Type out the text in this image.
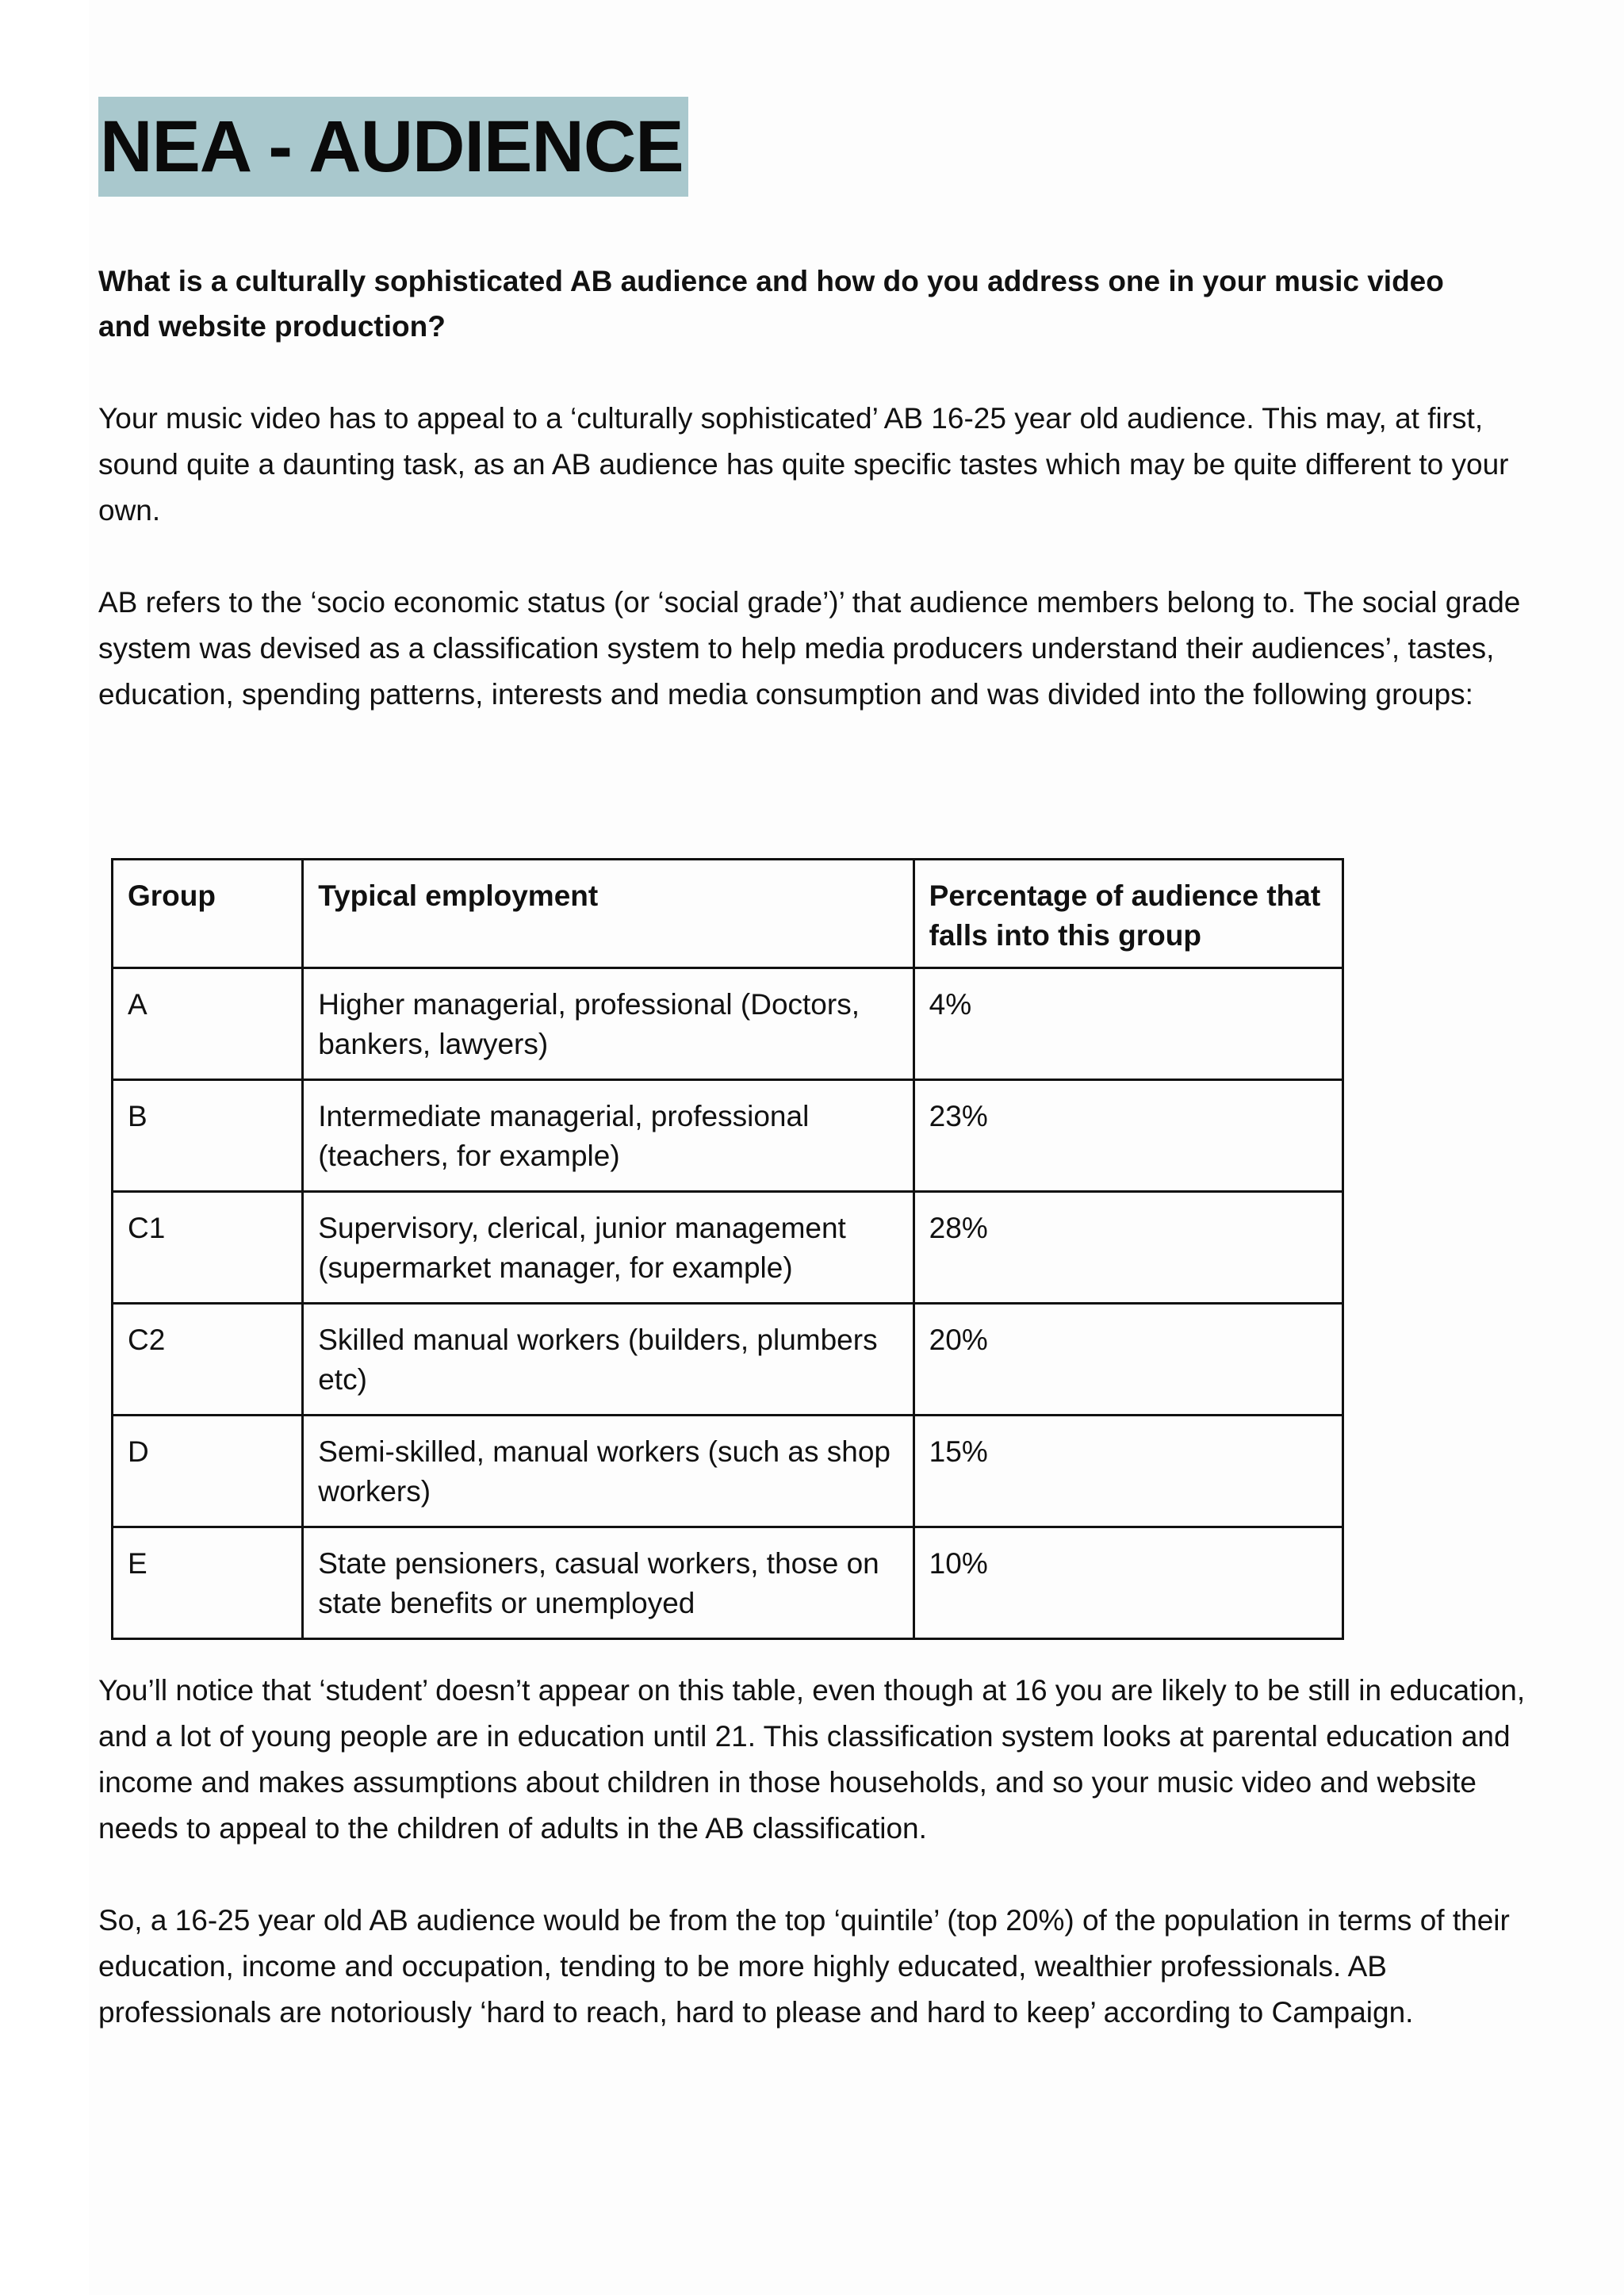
NEA - AUDIENCE
What is a culturally sophisticated AB audience and how do you address one in your music video and website production?
Your music video has to appeal to a ‘culturally sophisticated’ AB 16-25 year old audience. This may, at first, sound quite a daunting task, as an AB audience has quite specific tastes which may be quite different to your own.
AB refers to the ‘socio economic status (or ‘social grade’)’ that audience members belong to. The social grade system was devised as a classification system to help media producers understand their audiences’, tastes, education, spending patterns, interests and media consumption and was divided into the following groups:
Group	Typical employment	Percentage of audience that falls into this group
A	Higher managerial, professional (Doctors, bankers, lawyers)	4%
B	Intermediate managerial, professional (teachers, for example)	23%
C1	Supervisory, clerical, junior management (supermarket manager, for example)	28%
C2	Skilled manual workers (builders, plumbers etc)	20%
D	Semi-skilled, manual workers (such as shop workers)	15%
E	State pensioners, casual workers, those on state benefits or unemployed	10%
You’ll notice that ‘student’ doesn’t appear on this table, even though at 16 you are likely to be still in education, and a lot of young people are in education until 21. This classification system looks at parental education and income and makes assumptions about children in those households, and so your music video and website needs to appeal to the children of adults in the AB classification.
So, a 16-25 year old AB audience would be from the top ‘quintile’ (top 20%) of the population in terms of their education, income and occupation, tending to be more highly educated, wealthier professionals. AB professionals are notoriously ‘hard to reach, hard to please and hard to keep’ according to Campaign.
